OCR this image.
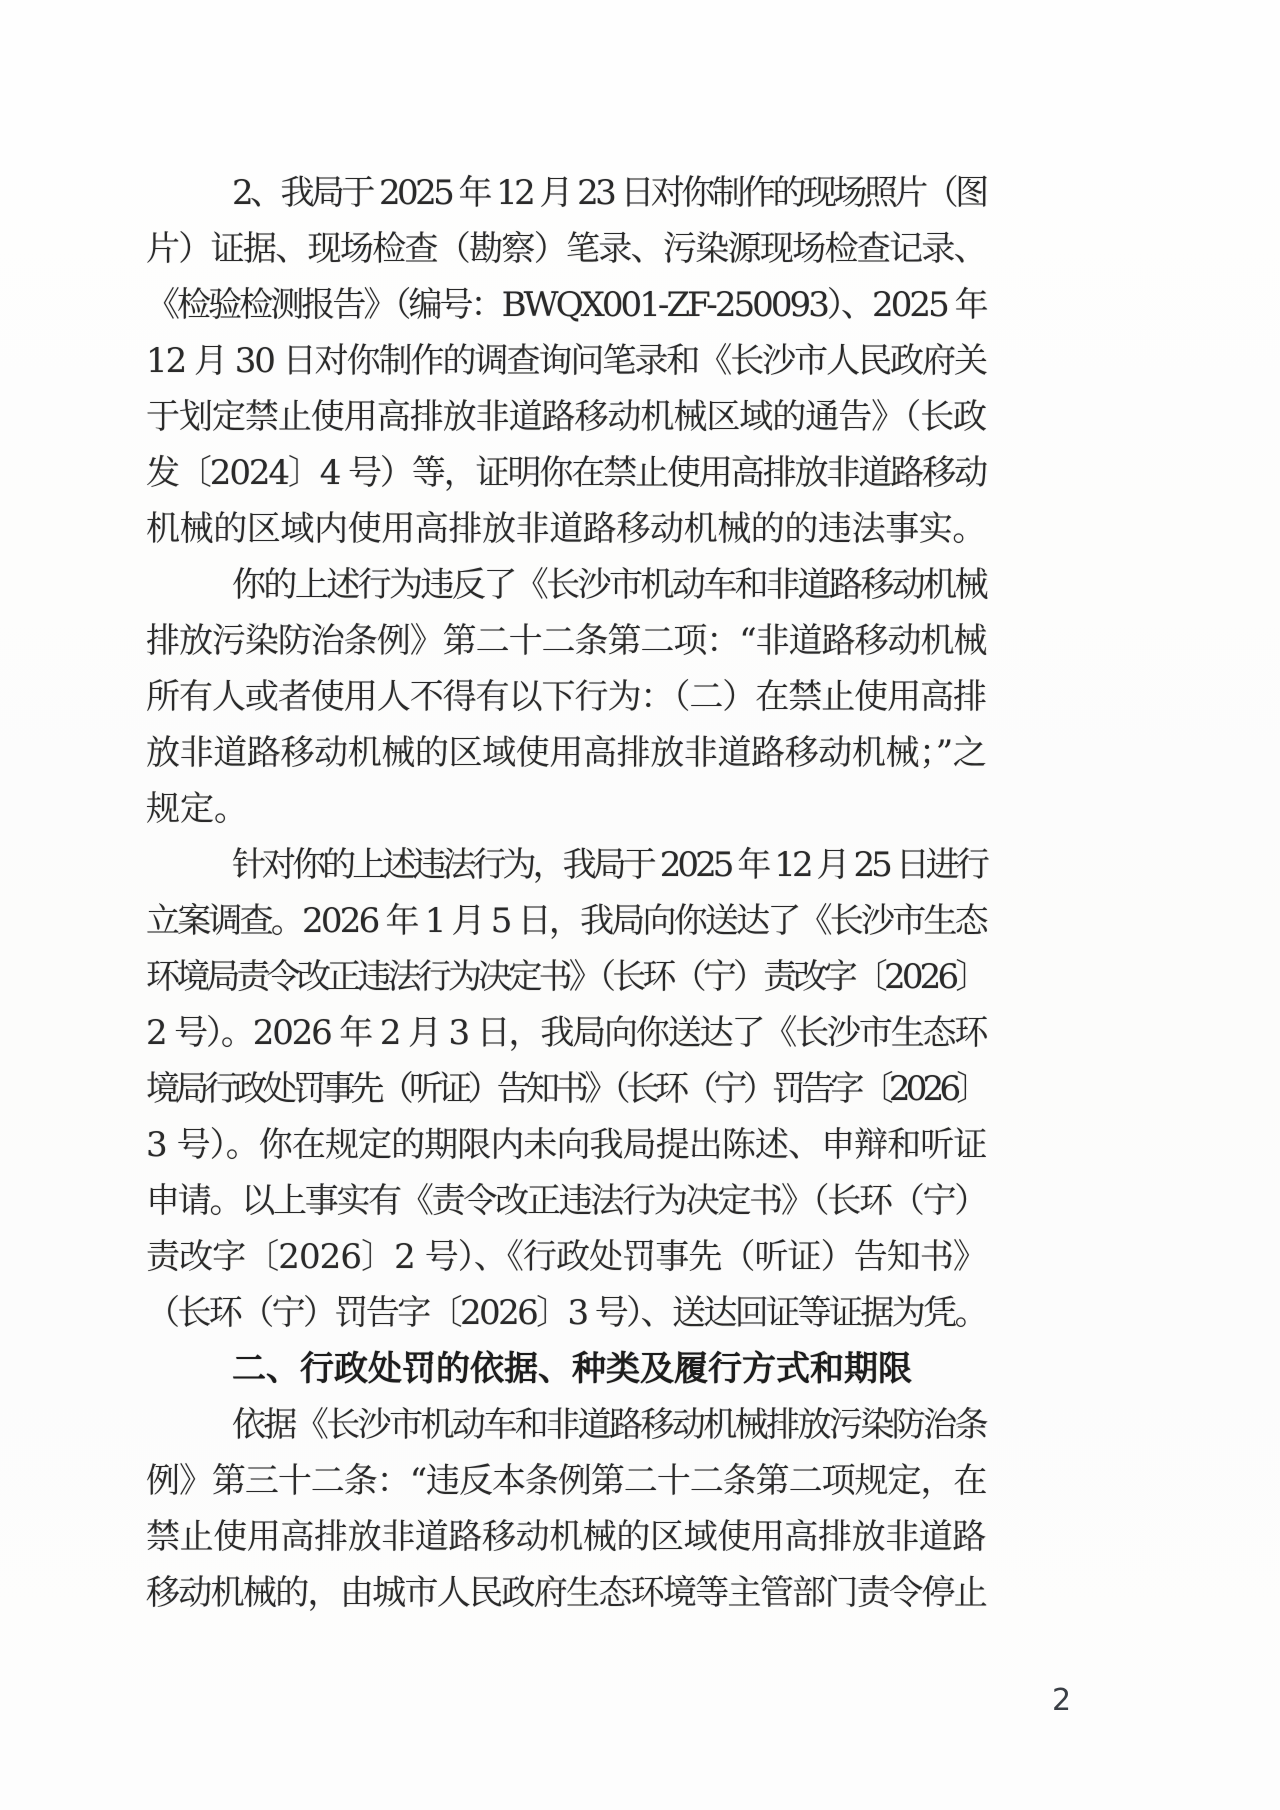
2、我局于 2025 年 12 月 23 日对你制作的现场照片（图
片）证据、现场检查（勘察）笔录、污染源现场检查记录、
《检验检测报告》（编号：BWQX001-ZF-250093）、2025 年
12 月 30 日对你制作的调查询问笔录和《长沙市人民政府关
于划定禁止使用高排放非道路移动机械区域的通告》（长政
发〔2024〕4 号）等，证明你在禁止使用高排放非道路移动
机械的区域内使用高排放非道路移动机械的的违法事实。
你的上述行为违反了《长沙市机动车和非道路移动机械
排放污染防治条例》第二十二条第二项：“非道路移动机械
所有人或者使用人不得有以下行为：（二）在禁止使用高排
放非道路移动机械的区域使用高排放非道路移动机械；”之
规定。
针对你的上述违法行为，我局于 2025 年 12 月 25 日进行
立案调查。2026 年 1 月 5 日，我局向你送达了《长沙市生态
环境局责令改正违法行为决定书》（长环（宁）责改字〔2026〕
2 号）。2026 年 2 月 3 日，我局向你送达了《长沙市生态环
境局行政处罚事先（听证）告知书》（长环（宁）罚告字〔2026〕
3 号）。你在规定的期限内未向我局提出陈述、申辩和听证
申请。以上事实有《责令改正违法行为决定书》（长环（宁）
责改字〔2026〕2 号）、《行政处罚事先（听证）告知书》
（长环（宁）罚告字〔2026〕3 号）、送达回证等证据为凭。
二、行政处罚的依据、种类及履行方式和期限
依据《长沙市机动车和非道路移动机械排放污染防治条
例》第三十二条：“违反本条例第二十二条第二项规定，在
禁止使用高排放非道路移动机械的区域使用高排放非道路
移动机械的，由城市人民政府生态环境等主管部门责令停止
2
